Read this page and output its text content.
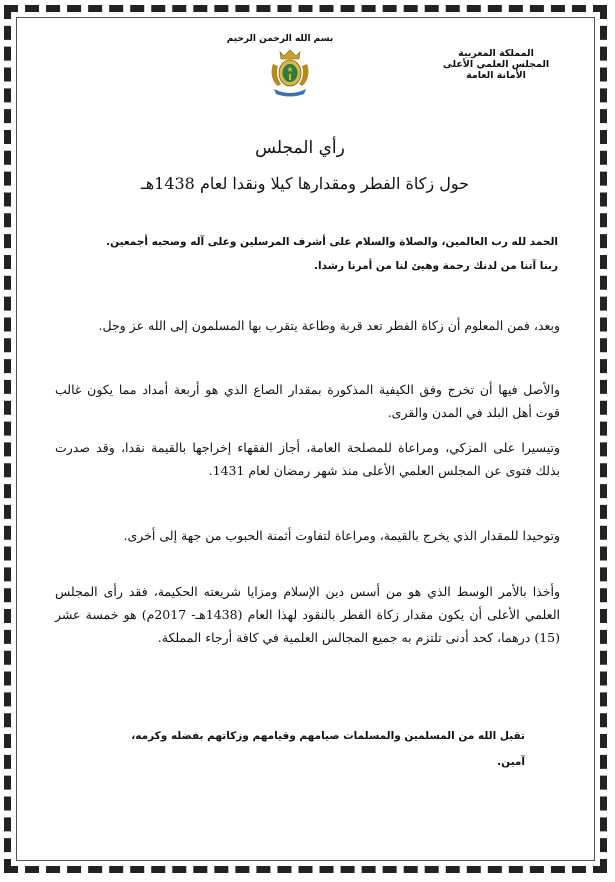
بسم الله الرحمن الرحيم
المملكة المغربية
المجلس العلمي الأعلى
الأمانة العامة
رأي المجلس
حول زكاة الفطر ومقدارها كيلا ونقدا لعام 1438هـ
الحمد لله رب العالمين، والصلاة والسلام على أشرف المرسلين وعلى آله وصحبه أجمعين.
ربنا آتنا من لدنك رحمة وهيئ لنا من أمرنا رشدا.
وبعد، فمن المعلوم أن زكاة الفطر تعد قربة وطاعة يتقرب بها المسلمون إلى الله عز وجل.
والأصل فيها أن تخرج وفق الكيفية المذكورة بمقدار الصاع الذي هو أربعة أمداد مما يكون غالب قوت أهل البلد في المدن والقرى.
وتيسيرا على المزكي، ومراعاة للمصلحة العامة، أجاز الفقهاء إخراجها بالقيمة نقدا، وقد صدرت بذلك فتوى عن المجلس العلمي الأعلى منذ شهر رمضان لعام 1431.
وتوحيدا للمقدار الذي يخرج بالقيمة، ومراعاة لتفاوت أثمنة الحبوب من جهة إلى أخرى.
وأخذا بالأمر الوسط الذي هو من أسس دين الإسلام ومزايا شريعته الحكيمة، فقد رأى المجلس العلمي الأعلى أن يكون مقدار زكاة الفطر بالنقود لهذا العام (1438هـ- 2017م) هو خمسة عشر (15) درهما، كحد أدنى تلتزم به جميع المجالس العلمية في كافة أرجاء المملكة.
تقبل الله من المسلمين والمسلمات صيامهم وقيامهم وزكاتهم بفضله وكرمه،
آمين.
